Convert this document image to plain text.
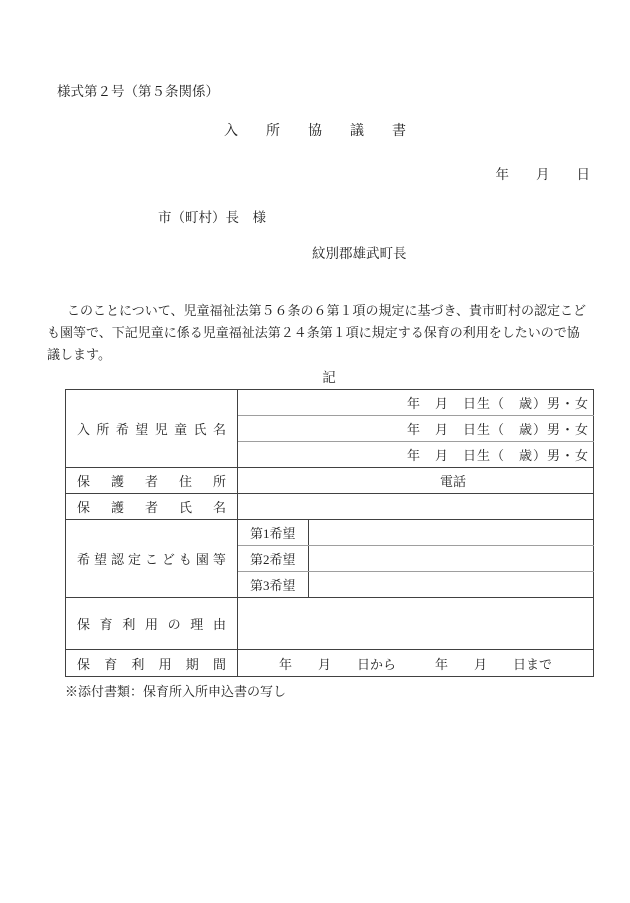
様式第２号（第５条関係）
入　　所　　協　　議　　書
年　　月　　日
市（町村）長　様
紋別郡雄武町長
　このことについて、児童福祉法第５６条の６第１項の規定に基づき、貴市町村の認定こど
も園等で、下記児童に係る児童福祉法第２４条第１項に規定する保育の利用をしたいので協
議します。
記
入 所 希 望 児 童 氏 名
	年　月　日生（　歳）男・女
	年　月　日生（　歳）男・女	
	年　月　日生（　歳）男・女	

保 護 者 住 所	電話	

保 護 者 氏 名		

希 望 認 定 こ ど も 園 等
	第1希望	
	第2希望	
	第3希望	

保 育 利 用 の 理 由

保 育 利 用 期 間	年　　月　　日から　　　年　　月　　日まで
※添付書類：保育所入所申込書の写し
